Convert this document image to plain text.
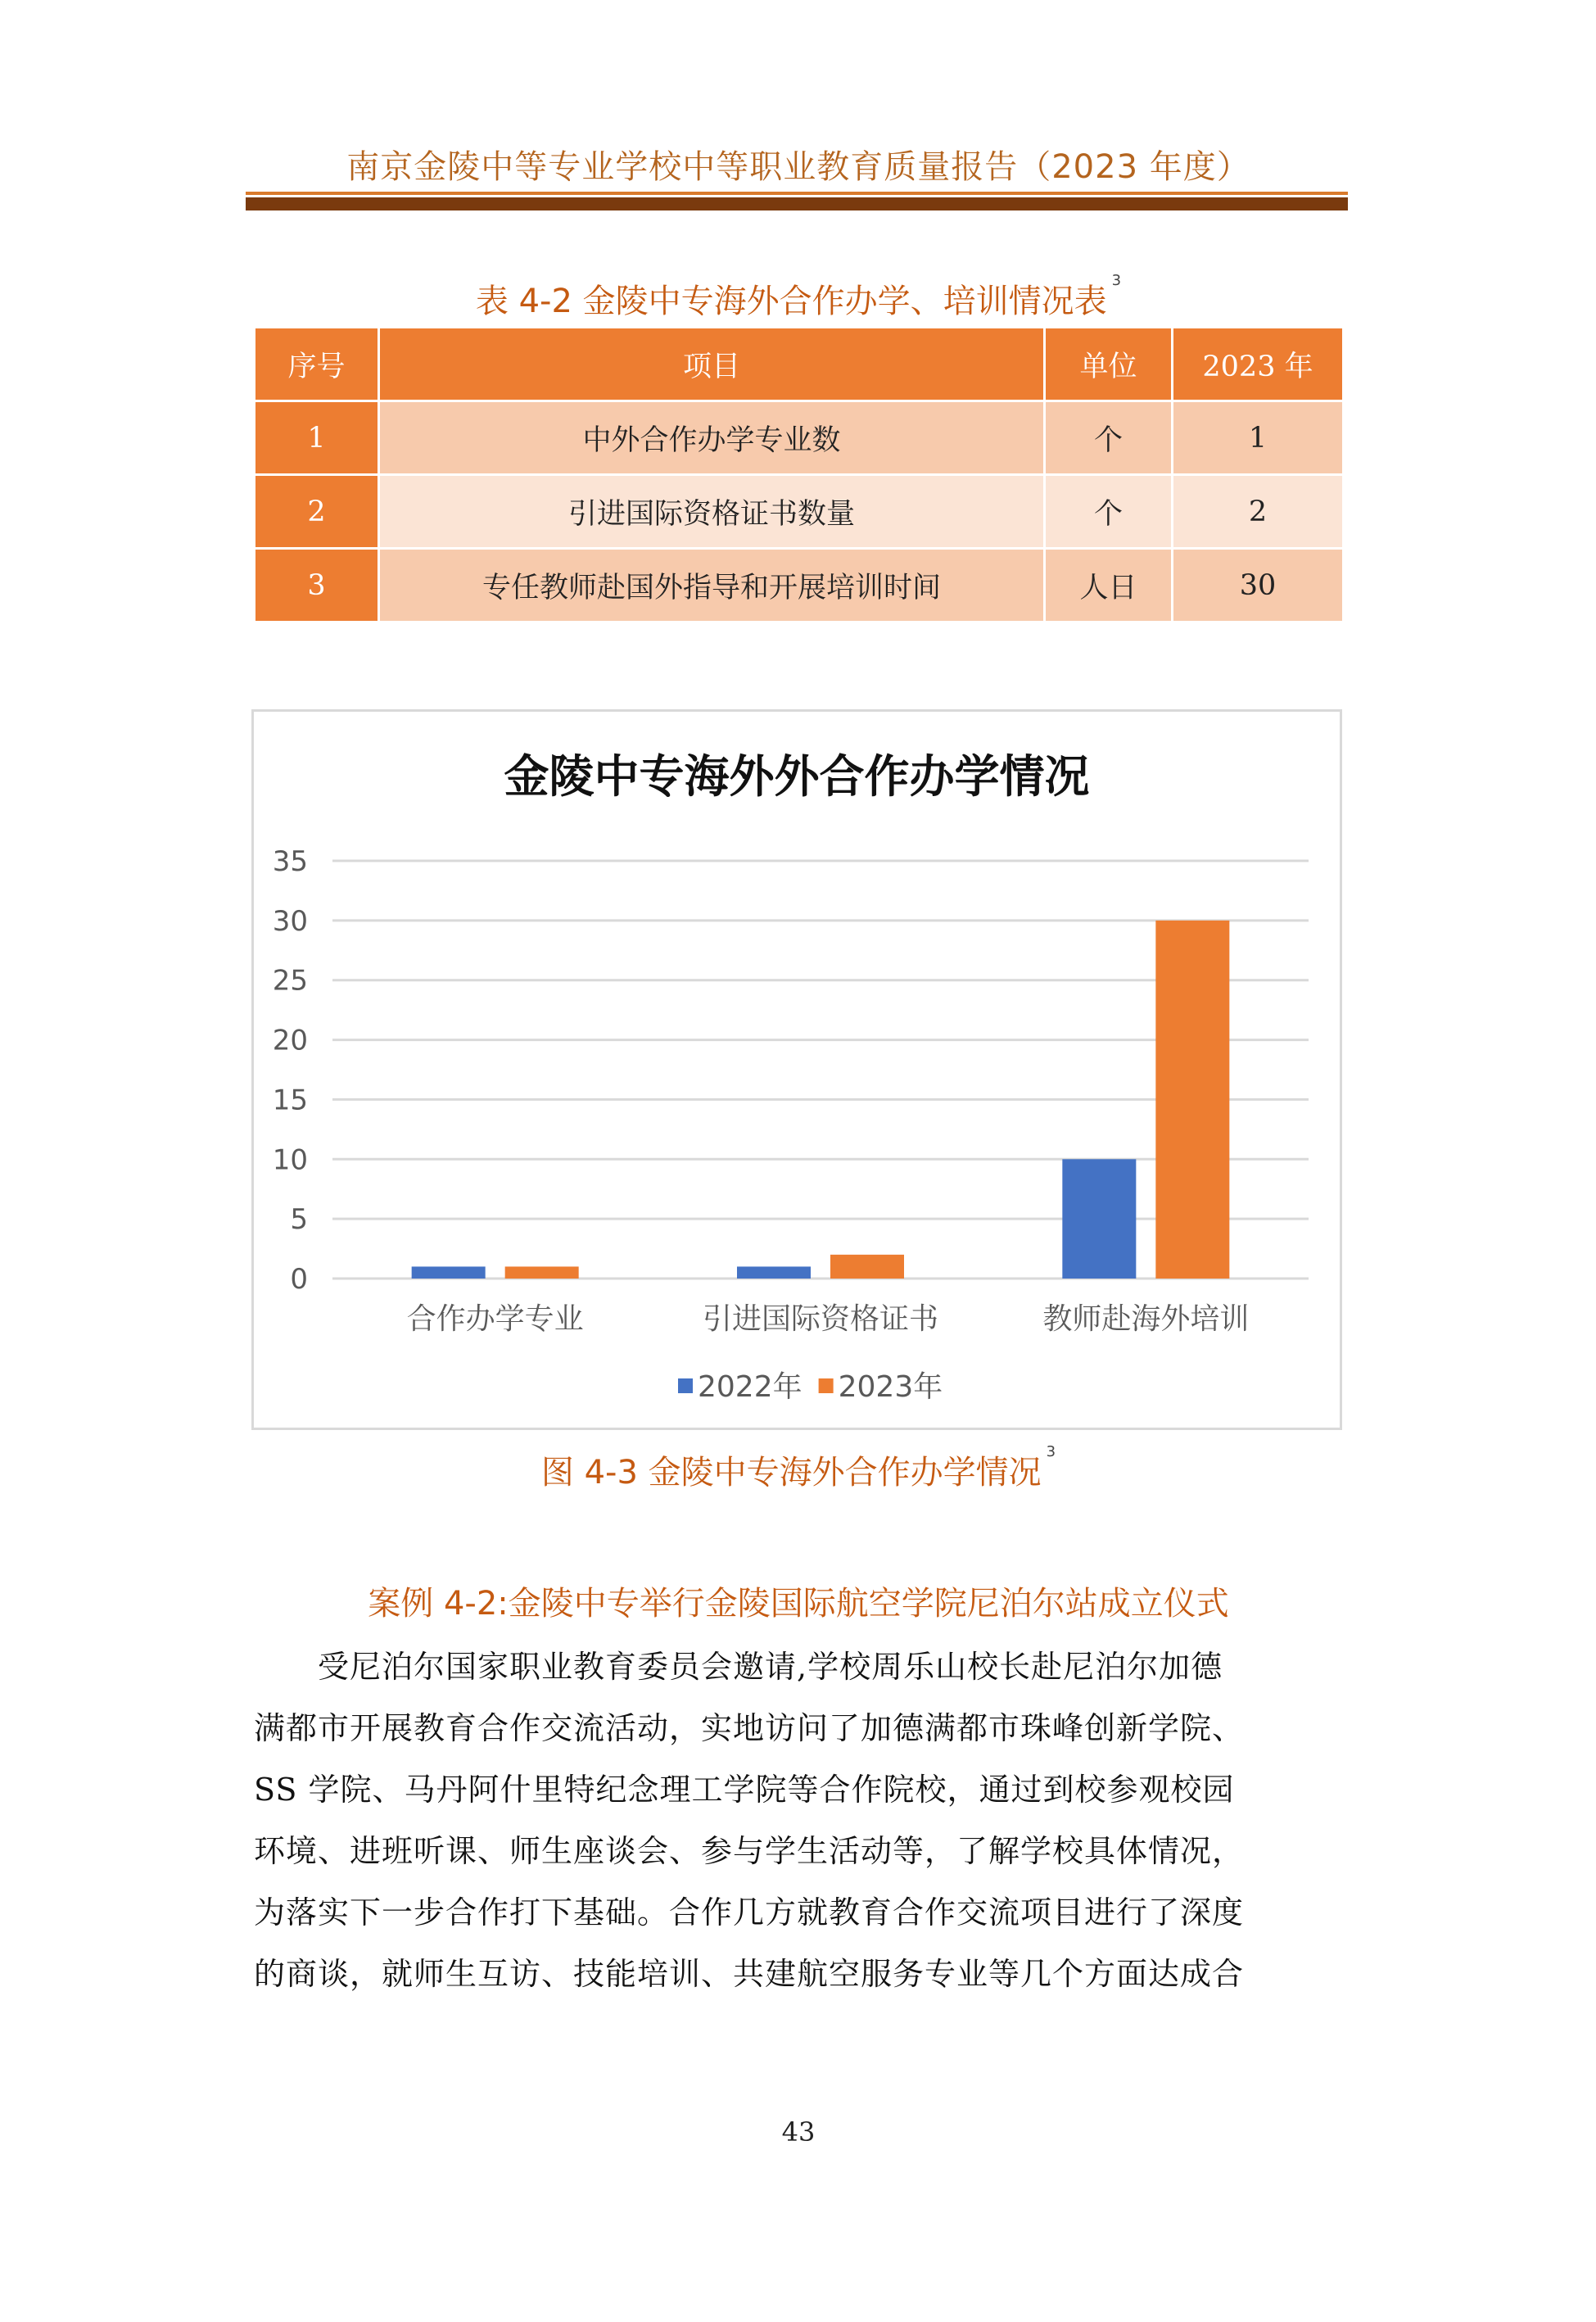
南京金陵中等专业学校中等职业教育质量报告（2023 年度）
表 4-2 金陵中专海外合作办学、培训情况表$^3$
序号	项目	单位	2023 年
1	中外合作办学专业数	个	1
2	引进国际资格证书数量	个	2
3	专任教师赴国外指导和开展培训时间	人日	30
金陵中专海外外合作办学情况
0
5
10
15
20
25
30
35
合作办学专业	引进国际资格证书	教师赴海外培训
2022年 2023年
图 4-3 金陵中专海外合作办学情况$^3$
案例 4-2:金陵中专举行金陵国际航空学院尼泊尔站成立仪式
　　受尼泊尔国家职业教育委员会邀请,学校周乐山校长赴尼泊尔加德
满都市开展教育合作交流活动，实地访问了加德满都市珠峰创新学院、
SS 学院、马丹阿什里特纪念理工学院等合作院校，通过到校参观校园
环境、进班听课、师生座谈会、参与学生活动等，了解学校具体情况，
为落实下一步合作打下基础。合作几方就教育合作交流项目进行了深度
的商谈，就师生互访、技能培训、共建航空服务专业等几个方面达成合
43
